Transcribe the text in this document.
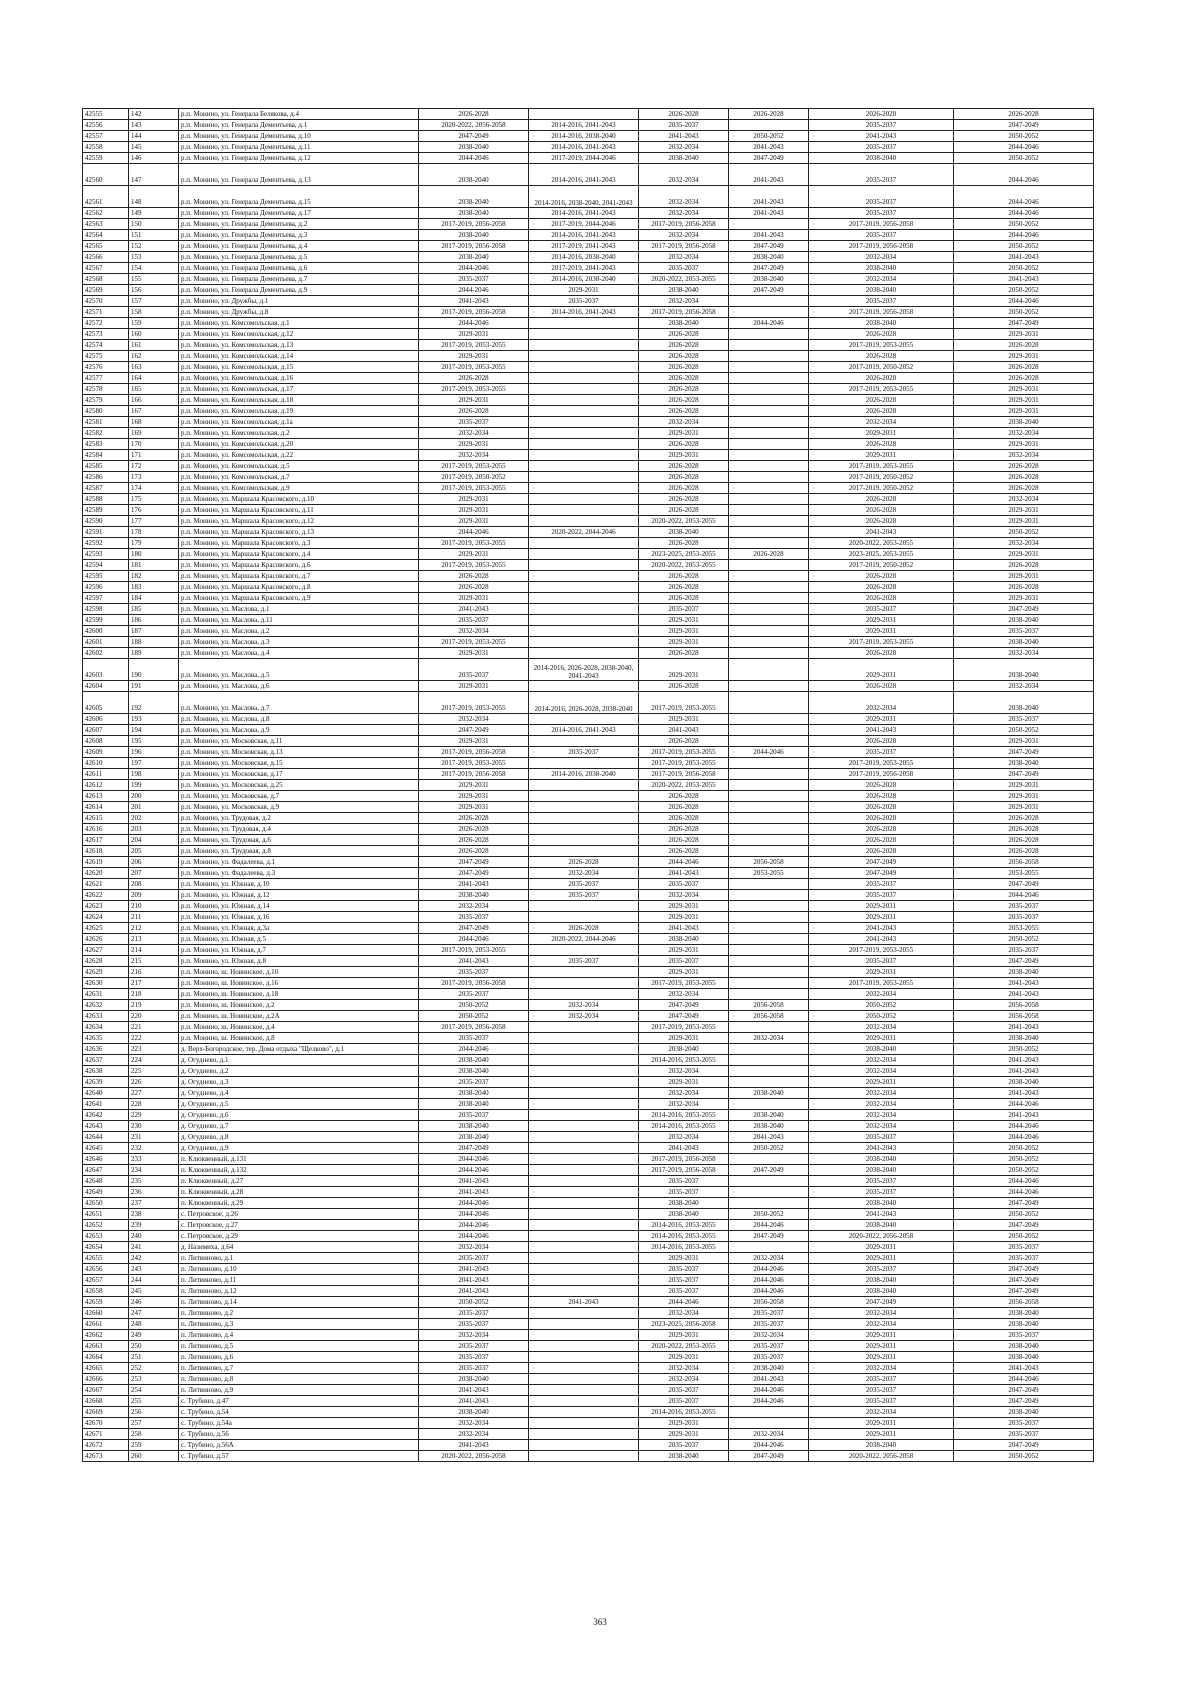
42555	142	р.п. Монино, ул. Генерала Белякова, д.4	2026-2028		2026-2028	2026-2028	2026-2028	2026-2028
42556	143	р.п. Монино, ул. Генерала Дементьева, д.1	2020-2022, 2056-2058	2014-2016, 2041-2043	2035-2037		2035-2037	2047-2049
42557	144	р.п. Монино, ул. Генерала Дементьева, д.10	2047-2049	2014-2016, 2038-2040	2041-2043	2050-2052	2041-2043	2050-2052
42558	145	р.п. Монино, ул. Генерала Дементьева, д.11	2038-2040	2014-2016, 2041-2043	2032-2034	2041-2043	2035-2037	2044-2046
42559	146	р.п. Монино, ул. Генерала Дементьева, д.12	2044-2046	2017-2019, 2044-2046	2038-2040	2047-2049	2038-2040	2050-2052
42560	147	р.п. Монино, ул. Генерала Дементьева, д.13	2038-2040	2014-2016, 2041-2043	2032-2034	2041-2043	2035-2037	2044-2046
42561	148	р.п. Монино, ул. Генерала Дементьева, д.15	2038-2040	2014-2016, 2038-2040, 2041-2043	2032-2034	2041-2043	2035-2037	2044-2046
42562	149	р.п. Монино, ул. Генерала Дементьева, д.17	2038-2040	2014-2016, 2041-2043	2032-2034	2041-2043	2035-2037	2044-2046
42563	150	р.п. Монино, ул. Генерала Дементьева, д.2	2017-2019, 2056-2058	2017-2019, 2044-2046	2017-2019, 2056-2058		2017-2019, 2056-2058	2050-2052
42564	151	р.п. Монино, ул. Генерала Дементьева, д.3	2038-2040	2014-2016, 2041-2043	2032-2034	2041-2043	2035-2037	2044-2046
42565	152	р.п. Монино, ул. Генерала Дементьева, д.4	2017-2019, 2056-2058	2017-2019, 2041-2043	2017-2019, 2056-2058	2047-2049	2017-2019, 2056-2058	2050-2052
42566	153	р.п. Монино, ул. Генерала Дементьева, д.5	2038-2040	2014-2016, 2038-2040	2032-2034	2038-2040	2032-2034	2041-2043
42567	154	р.п. Монино, ул. Генерала Дементьева, д.6	2044-2046	2017-2019, 2041-2043	2035-2037	2047-2049	2038-2040	2050-2052
42568	155	р.п. Монино, ул. Генерала Дементьева, д.7	2035-2037	2014-2016, 2038-2040	2020-2022, 2053-2055	2038-2040	2032-2034	2041-2043
42569	156	р.п. Монино, ул. Генерала Дементьева, д.9	2044-2046	2029-2031	2038-2040	2047-2049	2038-2040	2050-2052
42570	157	р.п. Монино, ул. Дружбы, д.1	2041-2043	2035-2037	2032-2034		2035-2037	2044-2046
42571	158	р.п. Монино, ул. Дружбы, д.8	2017-2019, 2056-2058	2014-2016, 2041-2043	2017-2019, 2056-2058		2017-2019, 2056-2058	2050-2052
42572	159	р.п. Монино, ул. Комсомольская, д.1	2044-2046		2038-2040	2044-2046	2038-2040	2047-2049
42573	160	р.п. Монино, ул. Комсомольская, д.12	2029-2031		2026-2028		2026-2028	2029-2031
42574	161	р.п. Монино, ул. Комсомольская, д.13	2017-2019, 2053-2055		2026-2028		2017-2019, 2053-2055	2026-2028
42575	162	р.п. Монино, ул. Комсомольская, д.14	2029-2031		2026-2028		2026-2028	2029-2031
42576	163	р.п. Монино, ул. Комсомольская, д.15	2017-2019, 2053-2055		2026-2028		2017-2019, 2050-2052	2026-2028
42577	164	р.п. Монино, ул. Комсомольская, д.16	2026-2028		2026-2028		2026-2028	2026-2028
42578	165	р.п. Монино, ул. Комсомольская, д.17	2017-2019, 2053-2055		2026-2028		2017-2019, 2053-2055	2029-2031
42579	166	р.п. Монино, ул. Комсомольская, д.18	2029-2031		2026-2028		2026-2028	2029-2031
42580	167	р.п. Монино, ул. Комсомольская, д.19	2026-2028		2026-2028		2026-2028	2029-2031
42581	168	р.п. Монино, ул. Комсомольская, д.1а	2035-2037		2032-2034		2032-2034	2038-2040
42582	169	р.п. Монино, ул. Комсомольская, д.2	2032-2034		2029-2031		2029-2031	2032-2034
42583	170	р.п. Монино, ул. Комсомольская, д.20	2029-2031		2026-2028		2026-2028	2029-2031
42584	171	р.п. Монино, ул. Комсомольская, д.22	2032-2034		2029-2031		2029-2031	2032-2034
42585	172	р.п. Монино, ул. Комсомольская, д.5	2017-2019, 2053-2055		2026-2028		2017-2019, 2053-2055	2026-2028
42586	173	р.п. Монино, ул. Комсомольская, д.7	2017-2019, 2050-2052		2026-2028		2017-2019, 2050-2052	2026-2028
42587	174	р.п. Монино, ул. Комсомольская, д.9	2017-2019, 2053-2055		2026-2028		2017-2019, 2050-2052	2026-2028
42588	175	р.п. Монино, ул. Маршала Красовского, д.10	2029-2031		2026-2028		2026-2028	2032-2034
42589	176	р.п. Монино, ул. Маршала Красовского, д.11	2029-2031		2026-2028		2026-2028	2029-2031
42590	177	р.п. Монино, ул. Маршала Красовского, д.12	2029-2031		2020-2022, 2053-2055		2026-2028	2029-2031
42591	178	р.п. Монино, ул. Маршала Красовского, д.13	2044-2046	2020-2022, 2044-2046	2038-2040		2041-2043	2050-2052
42592	179	р.п. Монино, ул. Маршала Красовского, д.3	2017-2019, 2053-2055		2026-2028		2020-2022, 2053-2055	2032-2034
42593	180	р.п. Монино, ул. Маршала Красовского, д.4	2029-2031		2023-2025, 2053-2055	2026-2028	2023-2025, 2053-2055	2029-2031
42594	181	р.п. Монино, ул. Маршала Красовского, д.6	2017-2019, 2053-2055		2020-2022, 2053-2055		2017-2019, 2050-2052	2026-2028
42595	182	р.п. Монино, ул. Маршала Красовского, д.7	2026-2028		2026-2028		2026-2028	2029-2031
42596	183	р.п. Монино, ул. Маршала Красовского, д.8	2026-2028		2026-2028		2026-2028	2026-2028
42597	184	р.п. Монино, ул. Маршала Красовского, д.9	2029-2031		2026-2028		2026-2028	2029-2031
42598	185	р.п. Монино, ул. Маслова, д.1	2041-2043		2035-2037		2035-2037	2047-2049
42599	186	р.п. Монино, ул. Маслова, д.11	2035-2037		2029-2031		2029-2031	2038-2040
42600	187	р.п. Монино, ул. Маслова, д.2	2032-2034		2029-2031		2029-2031	2035-2037
42601	188	р.п. Монино, ул. Маслова, д.3	2017-2019, 2053-2055		2029-2031		2017-2019, 2053-2055	2038-2040
42602	189	р.п. Монино, ул. Маслова, д.4	2029-2031		2026-2028		2026-2028	2032-2034
42603	190	р.п. Монино, ул. Маслова, д.5	2035-2037	2014-2016, 2026-2028, 2038-2040, 2041-2043	2029-2031		2029-2031	2038-2040
42604	191	р.п. Монино, ул. Маслова, д.6	2029-2031		2026-2028		2026-2028	2032-2034
42605	192	р.п. Монино, ул. Маслова, д.7	2017-2019, 2053-2055	2014-2016, 2026-2028, 2038-2040	2017-2019, 2053-2055		2032-2034	2038-2040
42606	193	р.п. Монино, ул. Маслова, д.8	2032-2034		2029-2031		2029-2031	2035-2037
42607	194	р.п. Монино, ул. Маслова, д.9	2047-2049	2014-2016, 2041-2043	2041-2043		2041-2043	2050-2052
42608	195	р.п. Монино, ул. Московская, д.11	2029-2031		2026-2028		2026-2028	2029-2031
42609	196	р.п. Монино, ул. Московская, д.13	2017-2019, 2056-2058	2035-2037	2017-2019, 2053-2055	2044-2046	2035-2037	2047-2049
42610	197	р.п. Монино, ул. Московская, д.15	2017-2019, 2053-2055		2017-2019, 2053-2055		2017-2019, 2053-2055	2038-2040
42611	198	р.п. Монино, ул. Московская, д.17	2017-2019, 2056-2058	2014-2016, 2038-2040	2017-2019, 2056-2058		2017-2019, 2056-2058	2047-2049
42612	199	р.п. Монино, ул. Московская, д.25	2029-2031		2020-2022, 2053-2055		2026-2028	2029-2031
42613	200	р.п. Монино, ул. Московская, д.7	2029-2031		2026-2028		2026-2028	2029-2031
42614	201	р.п. Монино, ул. Московская, д.9	2029-2031		2026-2028		2026-2028	2029-2031
42615	202	р.п. Монино, ул. Трудовая, д.2	2026-2028		2026-2028		2026-2028	2026-2028
42616	203	р.п. Монино, ул. Трудовая, д.4	2026-2028		2026-2028		2026-2028	2026-2028
42617	204	р.п. Монино, ул. Трудовая, д.6	2026-2028		2026-2028		2026-2028	2026-2028
42618	205	р.п. Монино, ул. Трудовая, д.8	2026-2028		2026-2028		2026-2028	2026-2028
42619	206	р.п. Монино, ул. Фадалеева, д.1	2047-2049	2026-2028	2044-2046	2056-2058	2047-2049	2056-2058
42620	207	р.п. Монино, ул. Фадалеева, д.3	2047-2049	2032-2034	2041-2043	2053-2055	2047-2049	2053-2055
42621	208	р.п. Монино, ул. Южная, д.10	2041-2043	2035-2037	2035-2037		2035-2037	2047-2049
42622	209	р.п. Монино, ул. Южная, д.12	2038-2040	2035-2037	2032-2034		2035-2037	2044-2046
42623	210	р.п. Монино, ул. Южная, д.14	2032-2034		2029-2031		2029-2031	2035-2037
42624	211	р.п. Монино, ул. Южная, д.16	2035-2037		2029-2031		2029-2031	2035-2037
42625	212	р.п. Монино, ул. Южная, д.3а	2047-2049	2026-2028	2041-2043		2041-2043	2053-2055
42626	213	р.п. Монино, ул. Южная, д.5	2044-2046	2020-2022, 2044-2046	2038-2040		2041-2043	2050-2052
42627	214	р.п. Монино, ул. Южная, д.7	2017-2019, 2053-2055		2029-2031		2017-2019, 2053-2055	2035-2037
42628	215	р.п. Монино, ул. Южная, д.8	2041-2043	2035-2037	2035-2037		2035-2037	2047-2049
42629	216	р.п. Монино, ш. Новинское, д.10	2035-2037		2029-2031		2029-2031	2038-2040
42630	217	р.п. Монино, ш. Новинское, д.16	2017-2019, 2056-2058		2017-2019, 2053-2055		2017-2019, 2053-2055	2041-2043
42631	218	р.п. Монино, ш. Новинское, д.18	2035-2037		2032-2034		2032-2034	2041-2043
42632	219	р.п. Монино, ш. Новинское, д.2	2050-2052	2032-2034	2047-2049	2056-2058	2050-2052	2056-2058
42633	220	р.п. Монино, ш. Новинское, д.2А	2050-2052	2032-2034	2047-2049	2056-2058	2050-2052	2056-2058
42634	221	р.п. Монино, ш. Новинское, д.4	2017-2019, 2056-2058		2017-2019, 2053-2055		2032-2034	2041-2043
42635	222	р.п. Монино, ш. Новинское, д.8	2035-2037		2029-2031	2032-2034	2029-2031	2038-2040
42636	223	д. Верх-Богородское, тер. Дома отдыха "Щелково", д.1	2044-2046		2038-2040		2038-2040	2050-2052
42637	224	д. Огуднево, д.1	2038-2040		2014-2016, 2053-2055		2032-2034	2041-2043
42638	225	д. Огуднево, д.2	2038-2040		2032-2034		2032-2034	2041-2043
42639	226	д. Огуднево, д.3	2035-2037		2029-2031		2029-2031	2038-2040
42640	227	д. Огуднево, д.4	2038-2040		2032-2034	2038-2040	2032-2034	2041-2043
42641	228	д. Огуднево, д.5	2038-2040		2032-2034		2032-2034	2044-2046
42642	229	д. Огуднево, д.6	2035-2037		2014-2016, 2053-2055	2038-2040	2032-2034	2041-2043
42643	230	д. Огуднево, д.7	2038-2040		2014-2016, 2053-2055	2038-2040	2032-2034	2044-2046
42644	231	д. Огуднево, д.8	2038-2040		2032-2034	2041-2043	2035-2037	2044-2046
42645	232	д. Огуднево, д.9	2047-2049		2041-2043	2050-2052	2041-2043	2050-2052
42646	233	п. Клюквенный, д.131	2044-2046		2017-2019, 2056-2058		2038-2040	2050-2052
42647	234	п. Клюквенный, д.132	2044-2046		2017-2019, 2056-2058	2047-2049	2038-2040	2050-2052
42648	235	п. Клюквенный, д.27	2041-2043		2035-2037		2035-2037	2044-2046
42649	236	п. Клюквенный, д.28	2041-2043		2035-2037		2035-2037	2044-2046
42650	237	п. Клюквенный, д.29	2044-2046		2038-2040		2038-2040	2047-2049
42651	238	с. Петровское, д.26	2044-2046		2038-2040	2050-2052	2041-2043	2050-2052
42652	239	с. Петровское, д.27	2044-2046		2014-2016, 2053-2055	2044-2046	2038-2040	2047-2049
42653	240	с. Петровское, д.29	2044-2046		2014-2016, 2053-2055	2047-2049	2020-2022, 2056-2058	2050-2052
42654	241	д. Назимиха, д.64	2032-2034		2014-2016, 2053-2055		2029-2031	2035-2037
42655	242	п. Литвиново, д.1	2035-2037		2029-2031	2032-2034	2029-2031	2035-2037
42656	243	п. Литвиново, д.10	2041-2043		2035-2037	2044-2046	2035-2037	2047-2049
42657	244	п. Литвиново, д.11	2041-2043		2035-2037	2044-2046	2038-2040	2047-2049
42658	245	п. Литвиново, д.12	2041-2043		2035-2037	2044-2046	2038-2040	2047-2049
42659	246	п. Литвиново, д.14	2050-2052	2041-2043	2044-2046	2056-2058	2047-2049	2056-2058
42660	247	п. Литвиново, д.2	2035-2037		2032-2034	2035-2037	2032-2034	2038-2040
42661	248	п. Литвиново, д.3	2035-2037		2023-2025, 2056-2058	2035-2037	2032-2034	2038-2040
42662	249	п. Литвиново, д.4	2032-2034		2029-2031	2032-2034	2029-2031	2035-2037
42663	250	п. Литвиново, д.5	2035-2037		2020-2022, 2053-2055	2035-2037	2029-2031	2038-2040
42664	251	п. Литвиново, д.6	2035-2037		2029-2031	2035-2037	2029-2031	2038-2040
42665	252	п. Литвиново, д.7	2035-2037		2032-2034	2038-2040	2032-2034	2041-2043
42666	253	п. Литвиново, д.8	2038-2040		2032-2034	2041-2043	2035-2037	2044-2046
42667	254	п. Литвиново, д.9	2041-2043		2035-2037	2044-2046	2035-2037	2047-2049
42668	255	с. Трубино, д.47	2041-2043		2035-2037	2044-2046	2035-2037	2047-2049
42669	256	с. Трубино, д.54	2038-2040		2014-2016, 2053-2055		2032-2034	2038-2040
42670	257	с. Трубино, д.54а	2032-2034		2029-2031		2029-2031	2035-2037
42671	258	с. Трубино, д.56	2032-2034		2029-2031	2032-2034	2029-2031	2035-2037
42672	259	с. Трубино, д.56А	2041-2043		2035-2037	2044-2046	2038-2040	2047-2049
42673	260	с. Трубино, д.57	2020-2022, 2056-2058		2038-2040	2047-2049	2020-2022, 2056-2058	2050-2052
363
